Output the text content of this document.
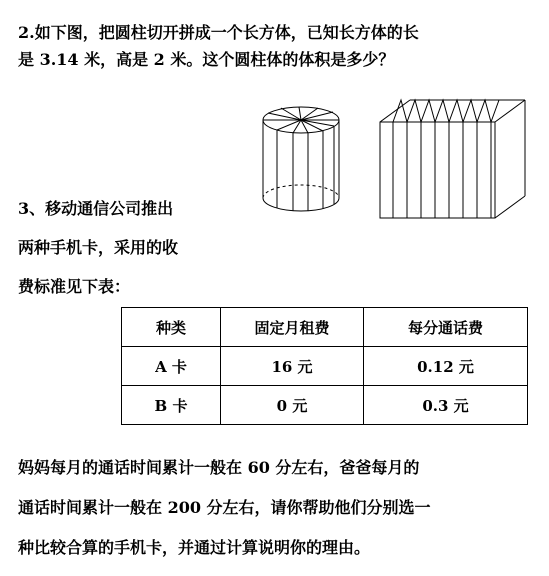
2.如下图，把圆柱切开拼成一个长方体，已知长方体的长
是 3.14 米，高是 2 米。这个圆柱体的体积是多少？
3、移动通信公司推出
两种手机卡，采用的收
费标准见下表：
种类	固定月租费	每分通话费
A 卡	16 元	0.12 元
B 卡	0 元	0.3 元
妈妈每月的通话时间累计一般在 60 分左右，爸爸每月的
通话时间累计一般在 200 分左右，请你帮助他们分别选一
种比较合算的手机卡，并通过计算说明你的理由。
